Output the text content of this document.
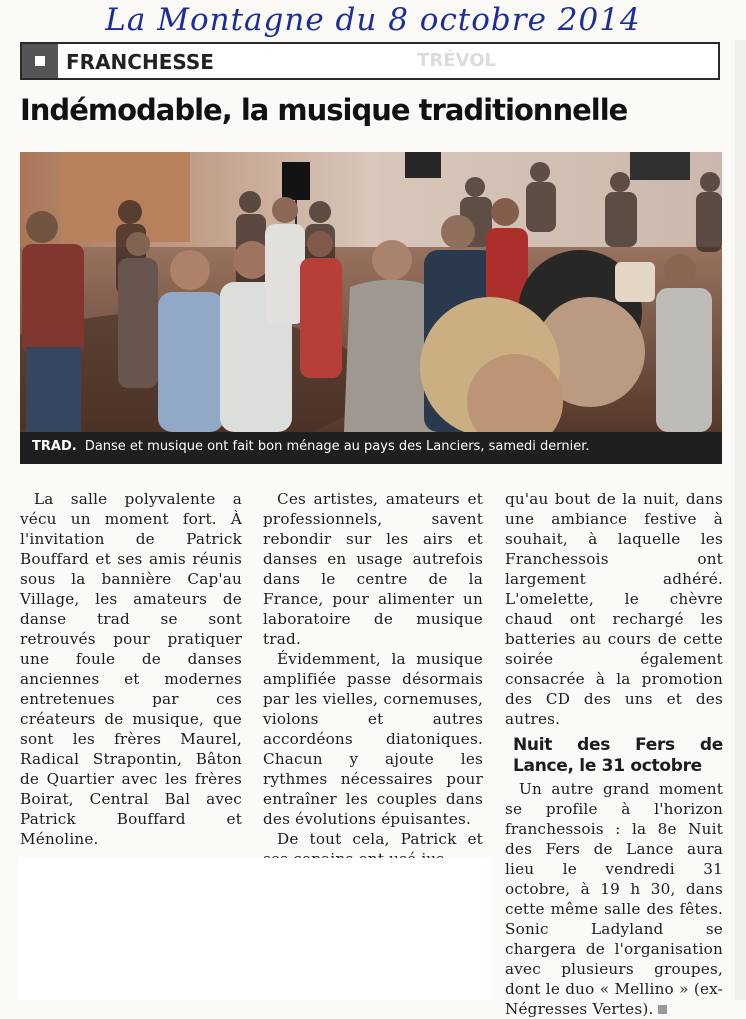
La Montagne du 8 octobre 2014
FRANCHESSE	TRÉVOL
Indémodable, la musique traditionnelle
TRAD. Danse et musique ont fait bon ménage au pays des Lanciers, samedi dernier.

La salle polyvalente a vécu un moment fort. À l'invitation de Patrick Bouffard et ses amis réunis sous la bannière Cap'au Village, les amateurs de danse trad se sont retrouvés pour pratiquer une foule de danses anciennes et modernes entretenues par ces créateurs de musique, que sont les frères Maurel, Radical Strapontin, Bâton de Quartier avec les frères Boirat, Central Bal avec Patrick Bouffard et Ménoline.

Ces artistes, amateurs et professionnels, savent rebondir sur les airs et danses en usage autrefois dans le centre de la France, pour alimenter un laboratoire de musique trad.

Évidemment, la musique amplifiée passe désormais par les vielles, cornemuses, violons et autres accordéons diatoniques. Chacun y ajoute les rythmes nécessaires pour entraîner les couples dans des évolutions épuisantes.

De tout cela, Patrick et

qu'au bout de la nuit, dans une ambiance festive à souhait, à laquelle les Franchessois ont largement adhéré. L'omelette, le chèvre chaud ont rechargé les batteries au cours de cette soirée également consacrée à la promotion des CD des uns et des autres.

Nuit des Fers de Lance, le 31 octobre

Un autre grand moment se profile à l'horizon franchessois : la 8e Nuit des Fers de Lance aura lieu le vendredi 31 octobre, à 19 h 30, dans cette même salle des fêtes. Sonic Ladyland se chargera de l'organisation avec plusieurs groupes, dont le duo « Mellino » (ex-Négresses Vertes).
